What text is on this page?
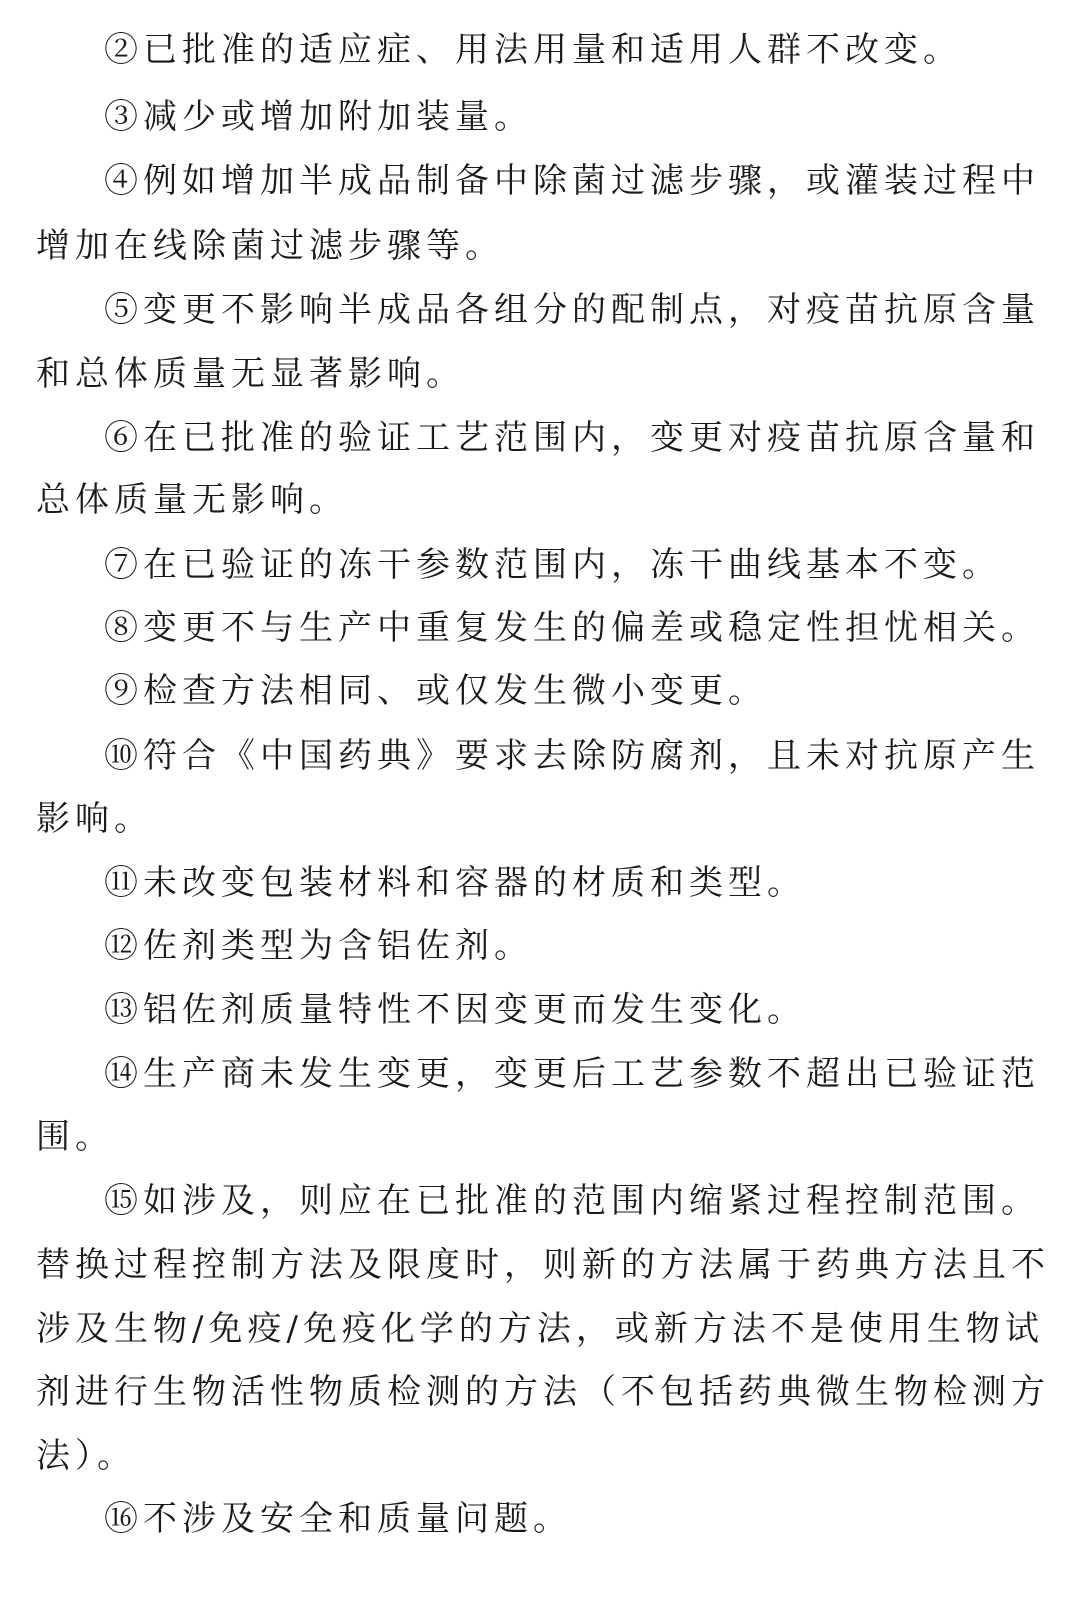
②已批准的适应症、用法用量和适用人群不改变。
③减少或增加附加装量。
④例如增加半成品制备中除菌过滤步骤，或灌装过程中
增加在线除菌过滤步骤等。
⑤变更不影响半成品各组分的配制点，对疫苗抗原含量
和总体质量无显著影响。
⑥在已批准的验证工艺范围内，变更对疫苗抗原含量和
总体质量无影响。
⑦在已验证的冻干参数范围内，冻干曲线基本不变。
⑧变更不与生产中重复发生的偏差或稳定性担忧相关。
⑨检查方法相同、或仅发生微小变更。
⑩符合《中国药典》要求去除防腐剂，且未对抗原产生
影响。
⑪未改变包装材料和容器的材质和类型。
⑫佐剂类型为含铝佐剂。
⑬铝佐剂质量特性不因变更而发生变化。
⑭生产商未发生变更，变更后工艺参数不超出已验证范
围。
⑮如涉及，则应在已批准的范围内缩紧过程控制范围。
替换过程控制方法及限度时，则新的方法属于药典方法且不
涉及生物/免疫/免疫化学的方法，或新方法不是使用生物试
剂进行生物活性物质检测的方法（不包括药典微生物检测方
法）。
⑯不涉及安全和质量问题。
